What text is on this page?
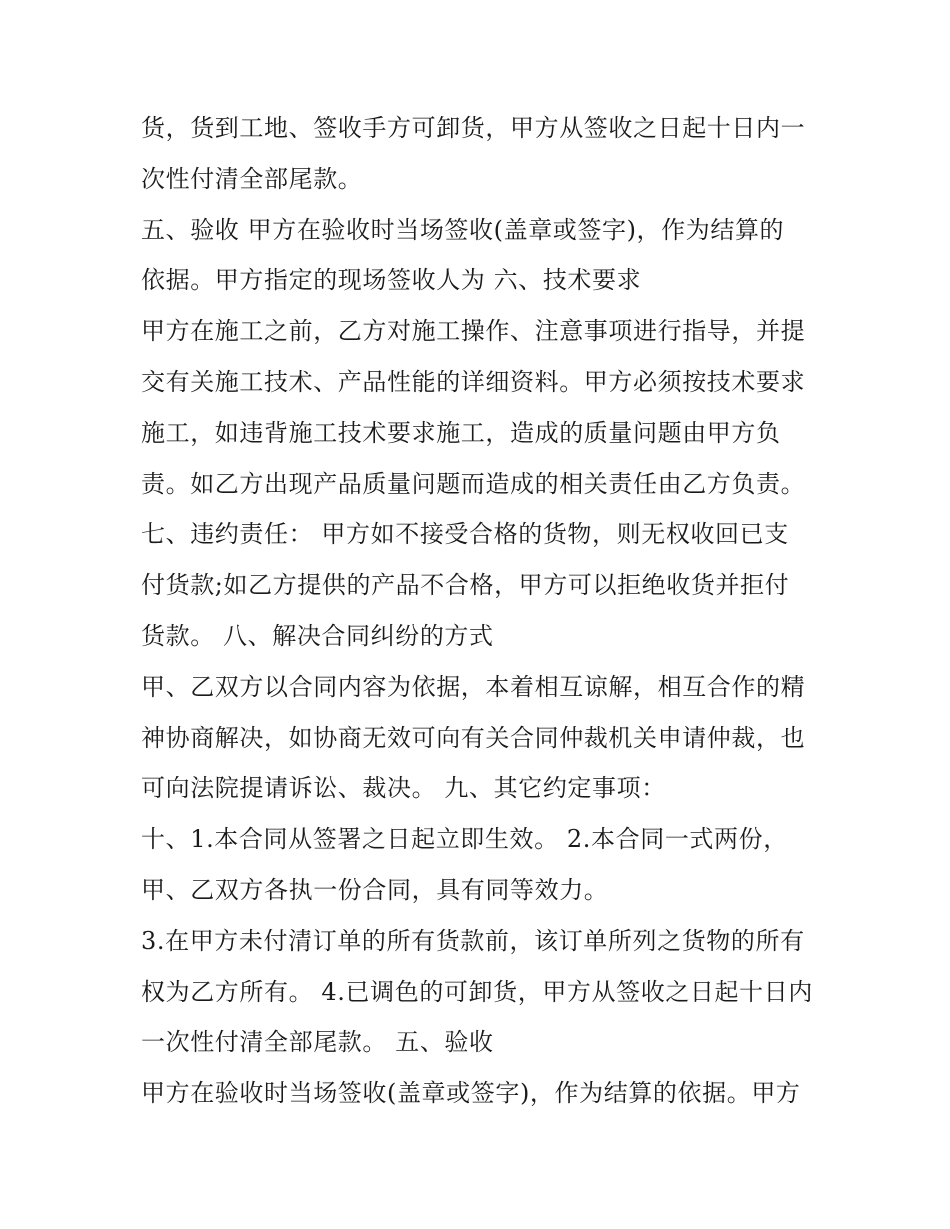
货，货到工地、签收手方可卸货，甲方从签收之日起十日内一
次性付清全部尾款。
五、验收 甲方在验收时当场签收(盖章或签字)，作为结算的
依据。甲方指定的现场签收人为 六、技术要求
甲方在施工之前，乙方对施工操作、注意事项进行指导，并提
交有关施工技术、产品性能的详细资料。甲方必须按技术要求
施工，如违背施工技术要求施工，造成的质量问题由甲方负
责。如乙方出现产品质量问题而造成的相关责任由乙方负责。
七、违约责任： 甲方如不接受合格的货物，则无权收回已支
付货款;如乙方提供的产品不合格，甲方可以拒绝收货并拒付
货款。 八、解决合同纠纷的方式
甲、乙双方以合同内容为依据，本着相互谅解，相互合作的精
神协商解决，如协商无效可向有关合同仲裁机关申请仲裁，也
可向法院提请诉讼、裁决。 九、其它约定事项：
十、1.本合同从签署之日起立即生效。 2.本合同一式两份，
甲、乙双方各执一份合同，具有同等效力。
3.在甲方未付清订单的所有货款前，该订单所列之货物的所有
权为乙方所有。 4.已调色的可卸货，甲方从签收之日起十日内
一次性付清全部尾款。 五、验收
甲方在验收时当场签收(盖章或签字)，作为结算的依据。甲方
